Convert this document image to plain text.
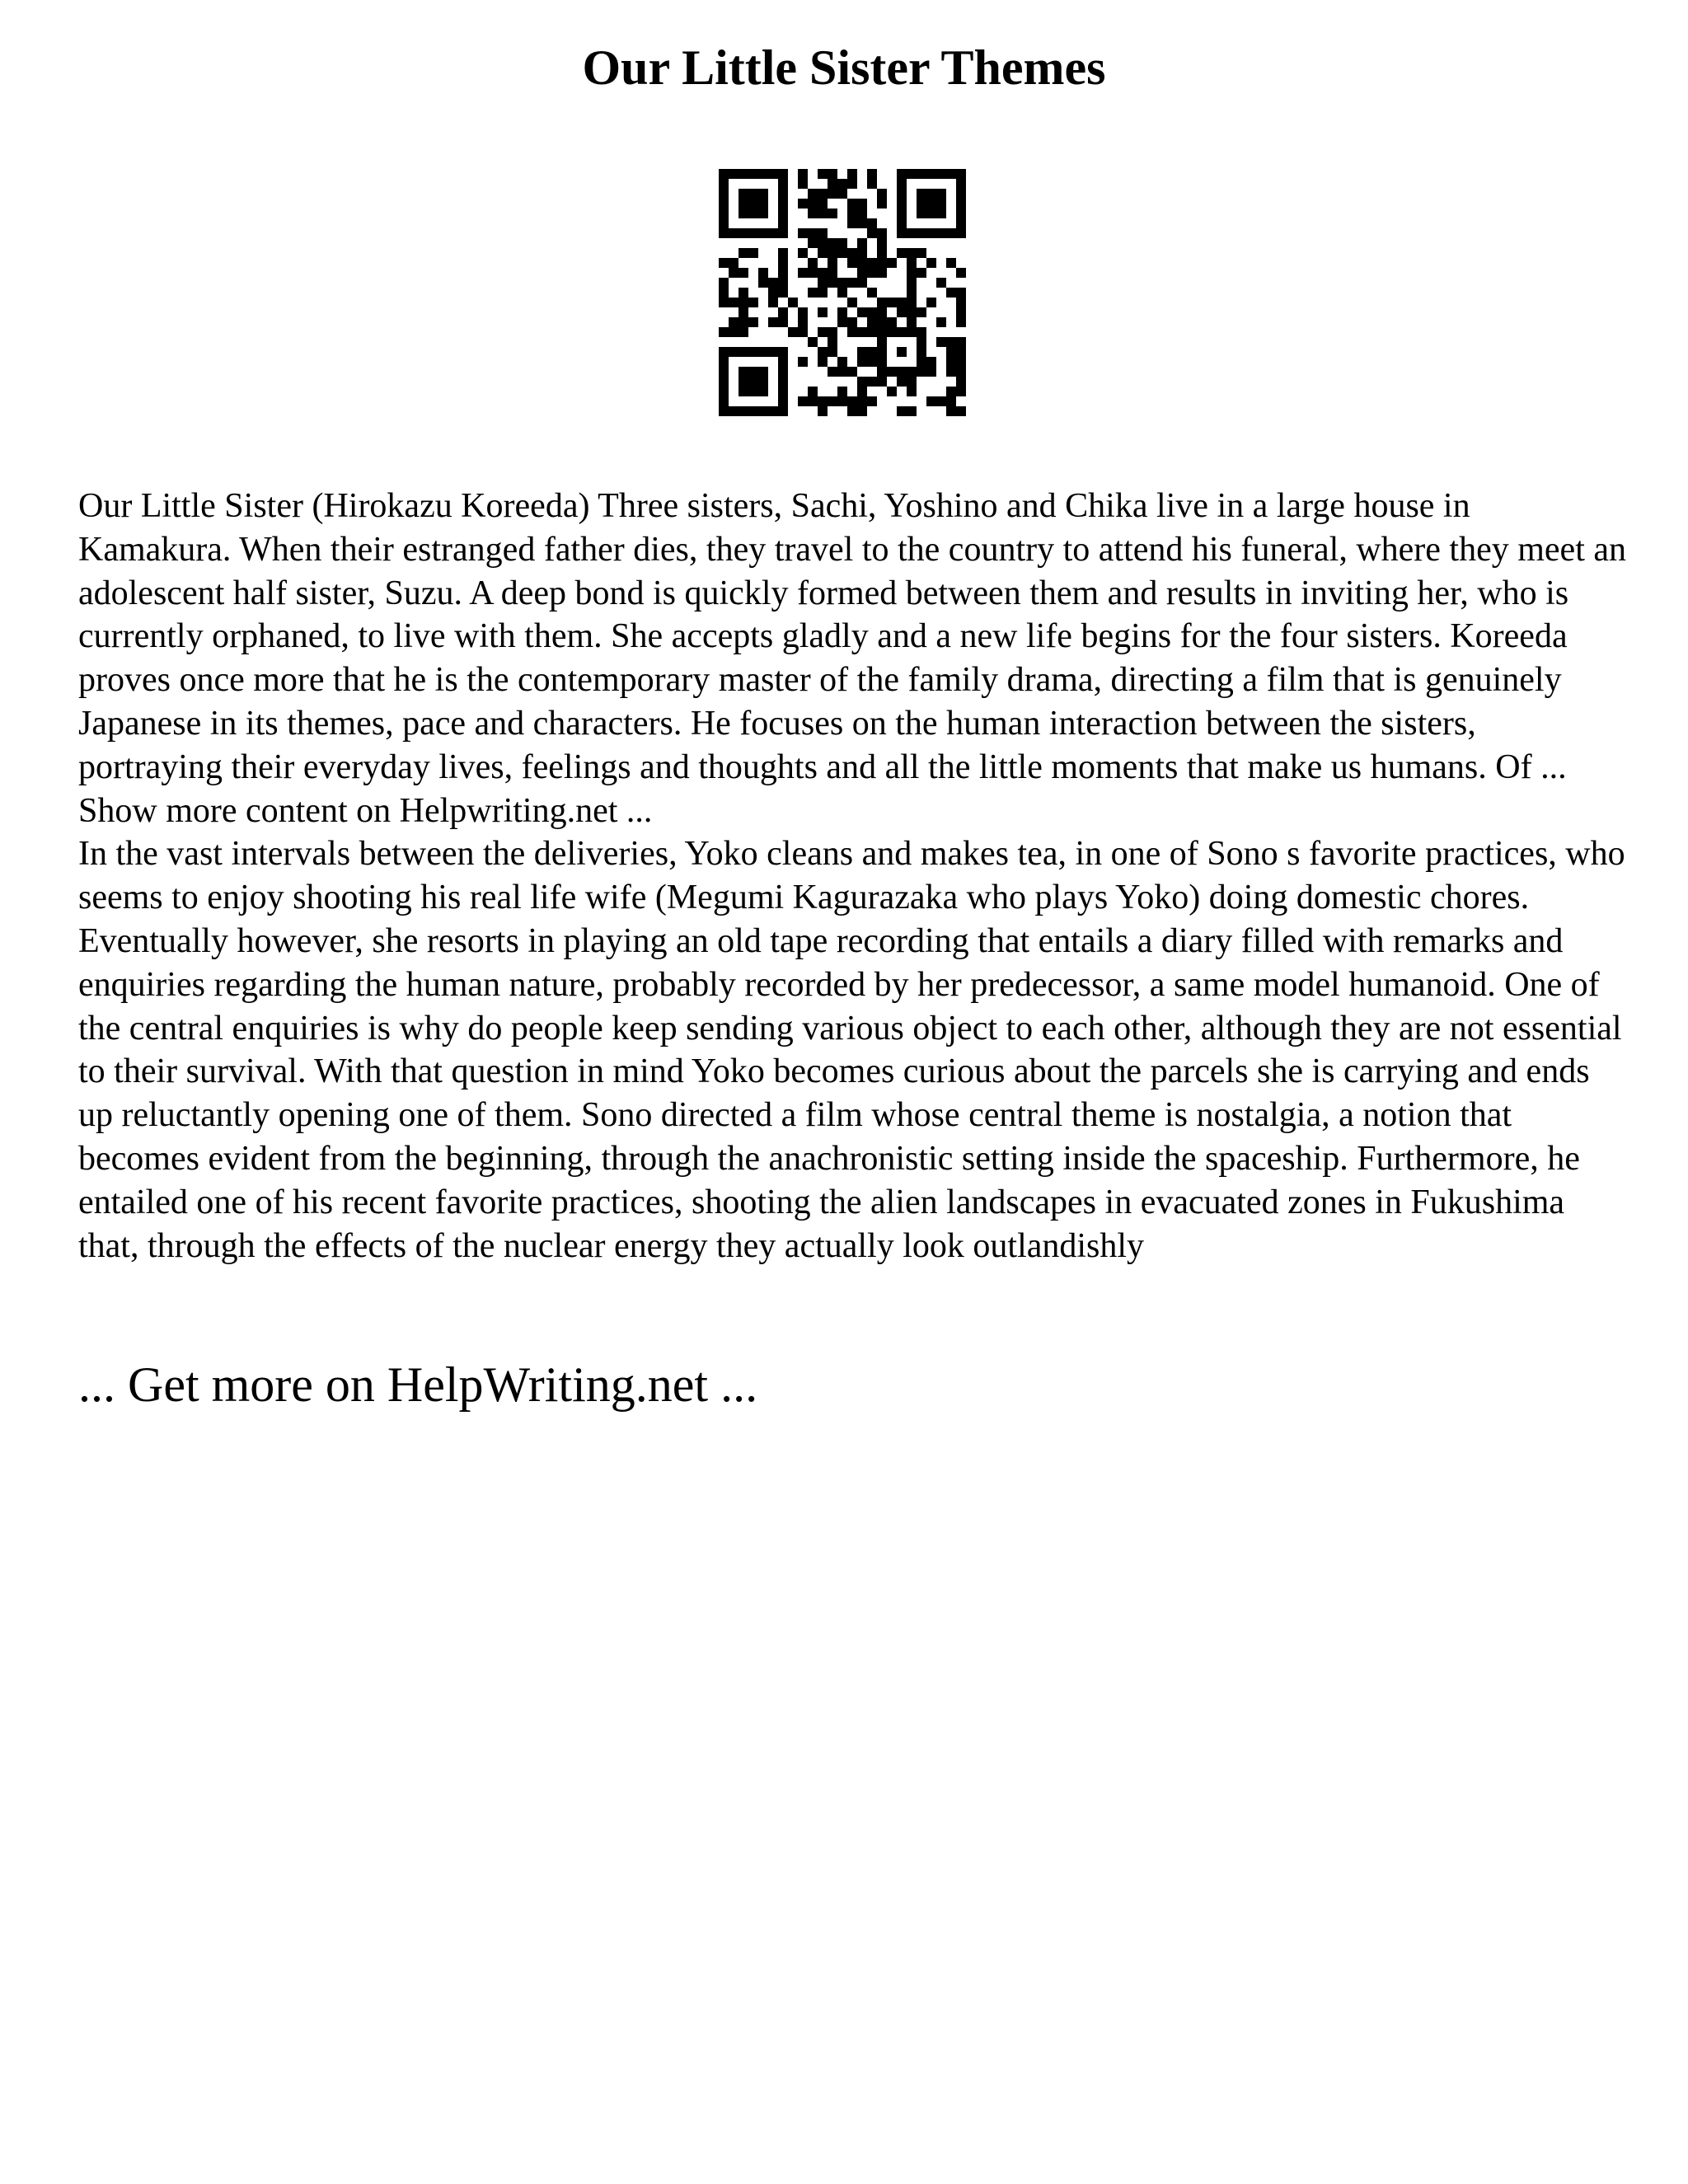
Our Little Sister Themes

Our Little Sister (Hirokazu Koreeda) Three sisters, Sachi, Yoshino and Chika live in a large house in Kamakura. When their estranged father dies, they travel to the country to attend his funeral, where they meet an adolescent half sister, Suzu. A deep bond is quickly formed between them and results in inviting her, who is currently orphaned, to live with them. She accepts gladly and a new life begins for the four sisters. Koreeda proves once more that he is the contemporary master of the family drama, directing a film that is genuinely Japanese in its themes, pace and characters. He focuses on the human interaction between the sisters, portraying their everyday lives, feelings and thoughts and all the little moments that make us humans. Of ... Show more content on Helpwriting.net ...

In the vast intervals between the deliveries, Yoko cleans and makes tea, in one of Sono s favorite practices, who seems to enjoy shooting his real life wife (Megumi Kagurazaka who plays Yoko) doing domestic chores. Eventually however, she resorts in playing an old tape recording that entails a diary filled with remarks and enquiries regarding the human nature, probably recorded by her predecessor, a same model humanoid. One of the central enquiries is why do people keep sending various object to each other, although they are not essential to their survival. With that question in mind Yoko becomes curious about the parcels she is carrying and ends up reluctantly opening one of them. Sono directed a film whose central theme is nostalgia, a notion that becomes evident from the beginning, through the anachronistic setting inside the spaceship. Furthermore, he entailed one of his recent favorite practices, shooting the alien landscapes in evacuated zones in Fukushima that, through the effects of the nuclear energy they actually look outlandishly

... Get more on HelpWriting.net ...
